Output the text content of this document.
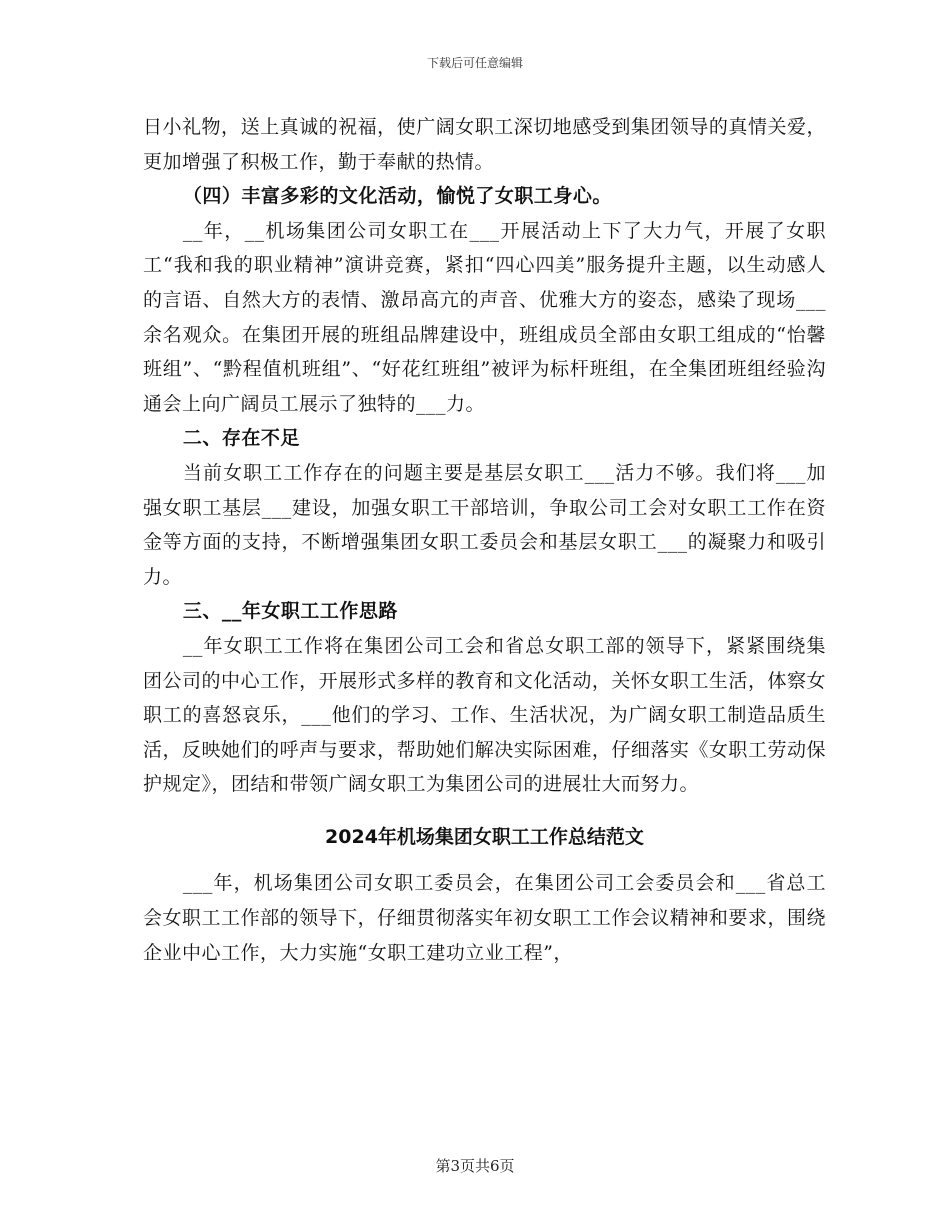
下载后可任意编辑

日小礼物，送上真诚的祝福，使广阔女职工深切地感受到集团领导的真情关爱，更加增强了积极工作，勤于奉献的热情。

（四）丰富多彩的文化活动，愉悦了女职工身心。

__年，__机场集团公司女职工在___开展活动上下了大力气，开展了女职工“我和我的职业精神”演讲竞赛，紧扣“四心四美”服务提升主题，以生动感人的言语、自然大方的表情、激昂高亢的声音、优雅大方的姿态，感染了现场___余名观众。在集团开展的班组品牌建设中，班组成员全部由女职工组成的“怡馨班组”、“黔程值机班组”、“好花红班组”被评为标杆班组，在全集团班组经验沟通会上向广阔员工展示了独特的___力。

二、存在不足

当前女职工工作存在的问题主要是基层女职工___活力不够。我们将___加强女职工基层___建设，加强女职工干部培训，争取公司工会对女职工工作在资金等方面的支持，不断增强集团女职工委员会和基层女职工___的凝聚力和吸引力。

三、__年女职工工作思路

__年女职工工作将在集团公司工会和省总女职工部的领导下，紧紧围绕集团公司的中心工作，开展形式多样的教育和文化活动，关怀女职工生活，体察女职工的喜怒哀乐，___他们的学习、工作、生活状况，为广阔女职工制造品质生活，反映她们的呼声与要求，帮助她们解决实际困难，仔细落实《女职工劳动保护规定》，团结和带领广阔女职工为集团公司的进展壮大而努力。

2024年机场集团女职工工作总结范文

___年，机场集团公司女职工委员会，在集团公司工会委员会和___省总工会女职工工作部的领导下，仔细贯彻落实年初女职工工作会议精神和要求，围绕企业中心工作，大力实施“女职工建功立业工程”，

第3页共6页
